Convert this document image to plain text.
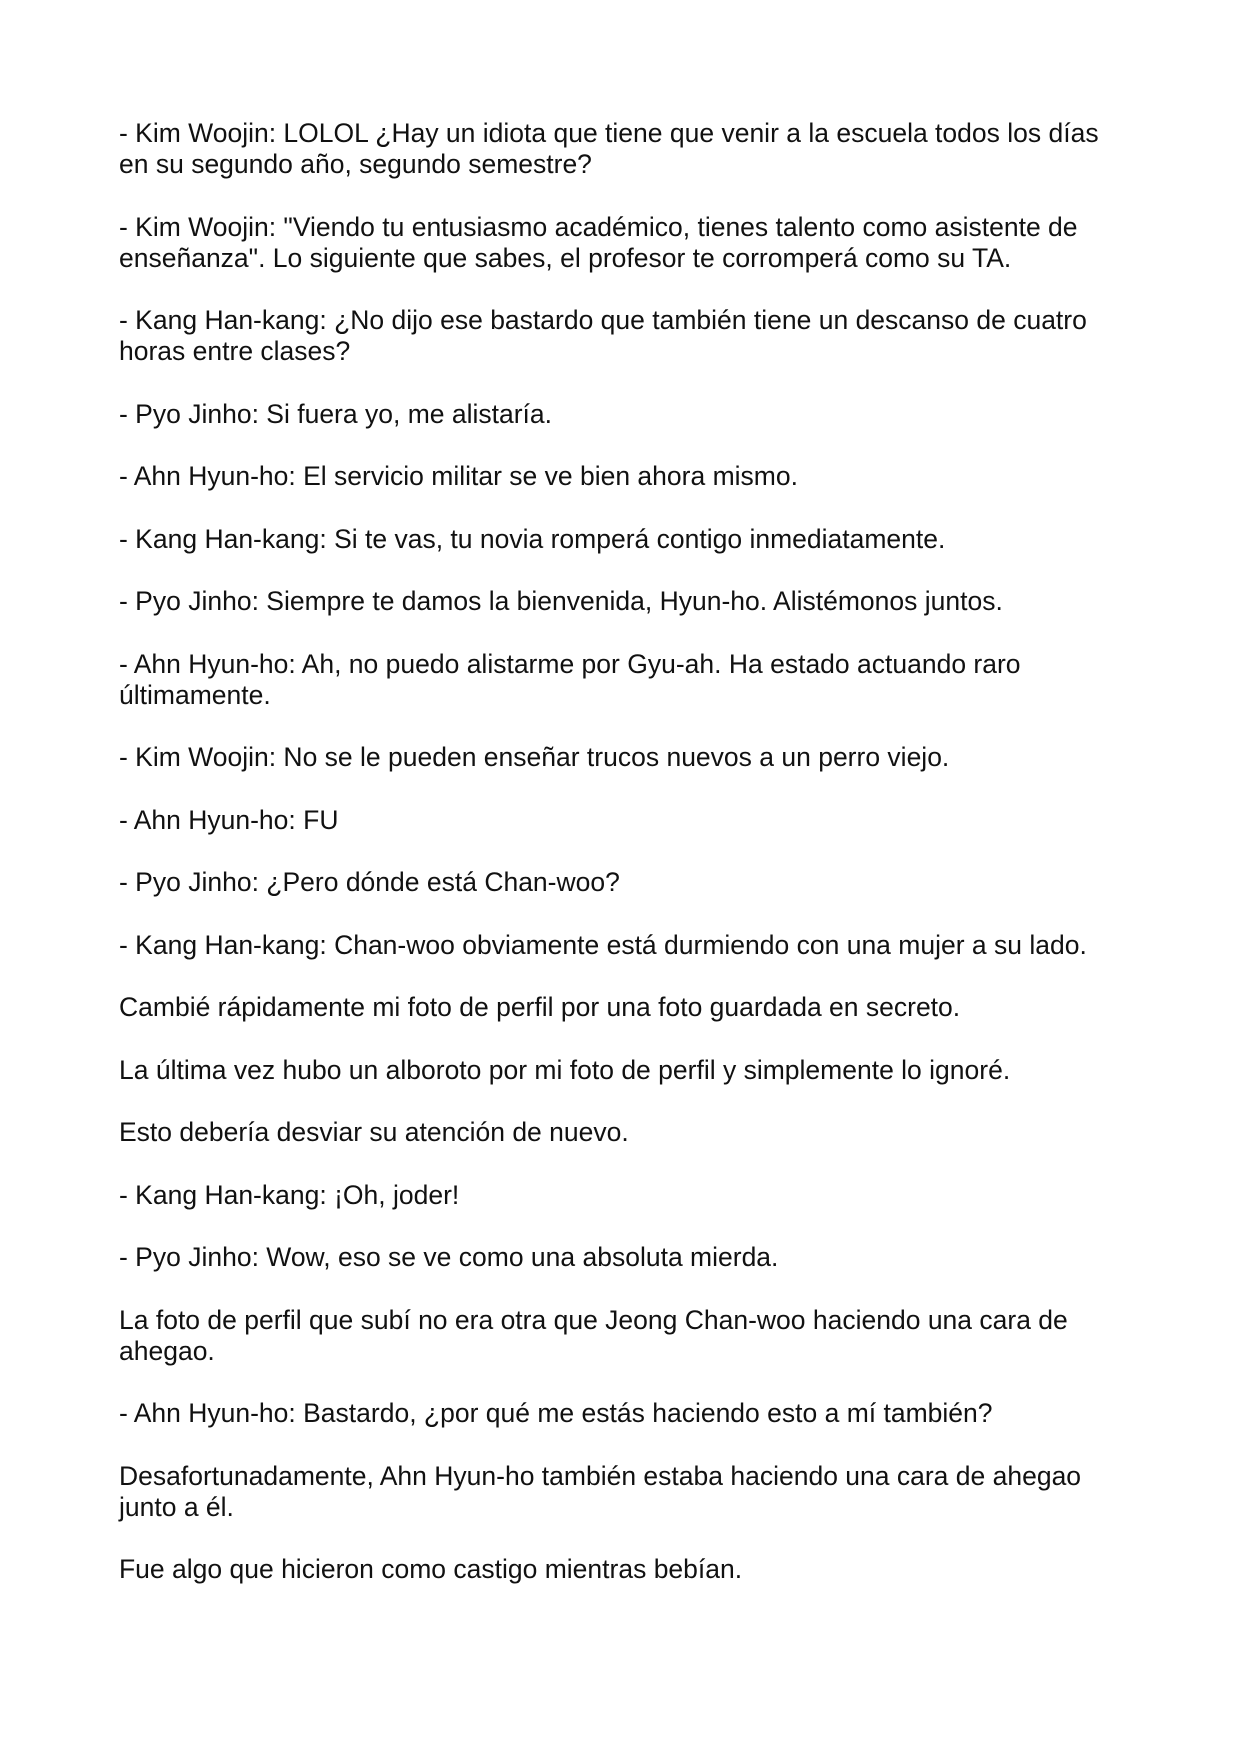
- Kim Woojin: LOLOL ¿Hay un idiota que tiene que venir a la escuela todos los días en su segundo año, segundo semestre?

- Kim Woojin: "Viendo tu entusiasmo académico, tienes talento como asistente de enseñanza". Lo siguiente que sabes, el profesor te corromperá como su TA.

- Kang Han-kang: ¿No dijo ese bastardo que también tiene un descanso de cuatro horas entre clases?

- Pyo Jinho: Si fuera yo, me alistaría.

- Ahn Hyun-ho: El servicio militar se ve bien ahora mismo.

- Kang Han-kang: Si te vas, tu novia romperá contigo inmediatamente.

- Pyo Jinho: Siempre te damos la bienvenida, Hyun-ho. Alistémonos juntos.

- Ahn Hyun-ho: Ah, no puedo alistarme por Gyu-ah. Ha estado actuando raro últimamente.

- Kim Woojin: No se le pueden enseñar trucos nuevos a un perro viejo.

- Ahn Hyun-ho: FU

- Pyo Jinho: ¿Pero dónde está Chan-woo?

- Kang Han-kang: Chan-woo obviamente está durmiendo con una mujer a su lado.

Cambié rápidamente mi foto de perfil por una foto guardada en secreto.

La última vez hubo un alboroto por mi foto de perfil y simplemente lo ignoré.

Esto debería desviar su atención de nuevo.

- Kang Han-kang: ¡Oh, joder!

- Pyo Jinho: Wow, eso se ve como una absoluta mierda.

La foto de perfil que subí no era otra que Jeong Chan-woo haciendo una cara de ahegao.

- Ahn Hyun-ho: Bastardo, ¿por qué me estás haciendo esto a mí también?

Desafortunadamente, Ahn Hyun-ho también estaba haciendo una cara de ahegao junto a él.

Fue algo que hicieron como castigo mientras bebían.
